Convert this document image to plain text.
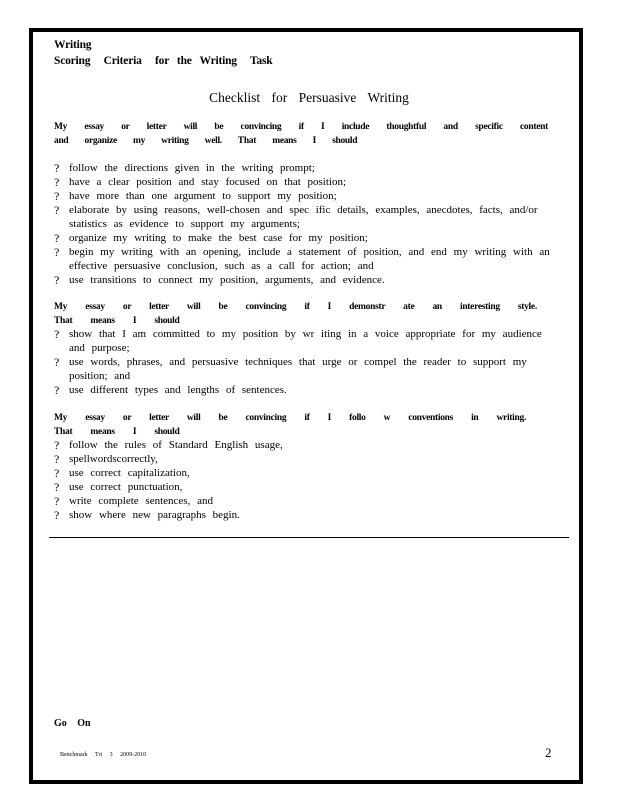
Writing
Scoring     Criteria     for   the   Writing     Task
Checklist for Persuasive Writing
My essay or letter will be convincing if I include thoughtful and specific content and organize my writing well. That means I should
? follow the directions given in the writing prompt;
? have a clear position and stay focused on that position;
? have more than one argument to support my position;
? elaborate by using reasons, well-chosen and spec ific details, examples, anecdotes, facts, and/or statistics as evidence to support my arguments;
? organize my writing to make the best case for my position;
? begin my writing with an opening, include a statement of position, and end my writing with an effective persuasive conclusion, such as a call for action; and
? use transitions to connect my position, arguments, and evidence.
My essay or letter will be convincing if I demonstr ate an interesting style. That means I should
? show that I am committed to my position by wr iting in a voice appropriate for my audience and purpose;
? use words, phrases, and persuasive techniques that urge or compel the reader to support my position; and
? use different types and lengths of sentences.
My essay or letter will be convincing if I follo w conventions in writing. That means I should
? follow the rules of Standard English usage,
? spellwordscorrectly,
? use correct capitalization,
? use correct punctuation,
? write complete sentences, and
? show where new paragraphs begin.
Go On
Benchmark Tri 3 2009-2010	2
